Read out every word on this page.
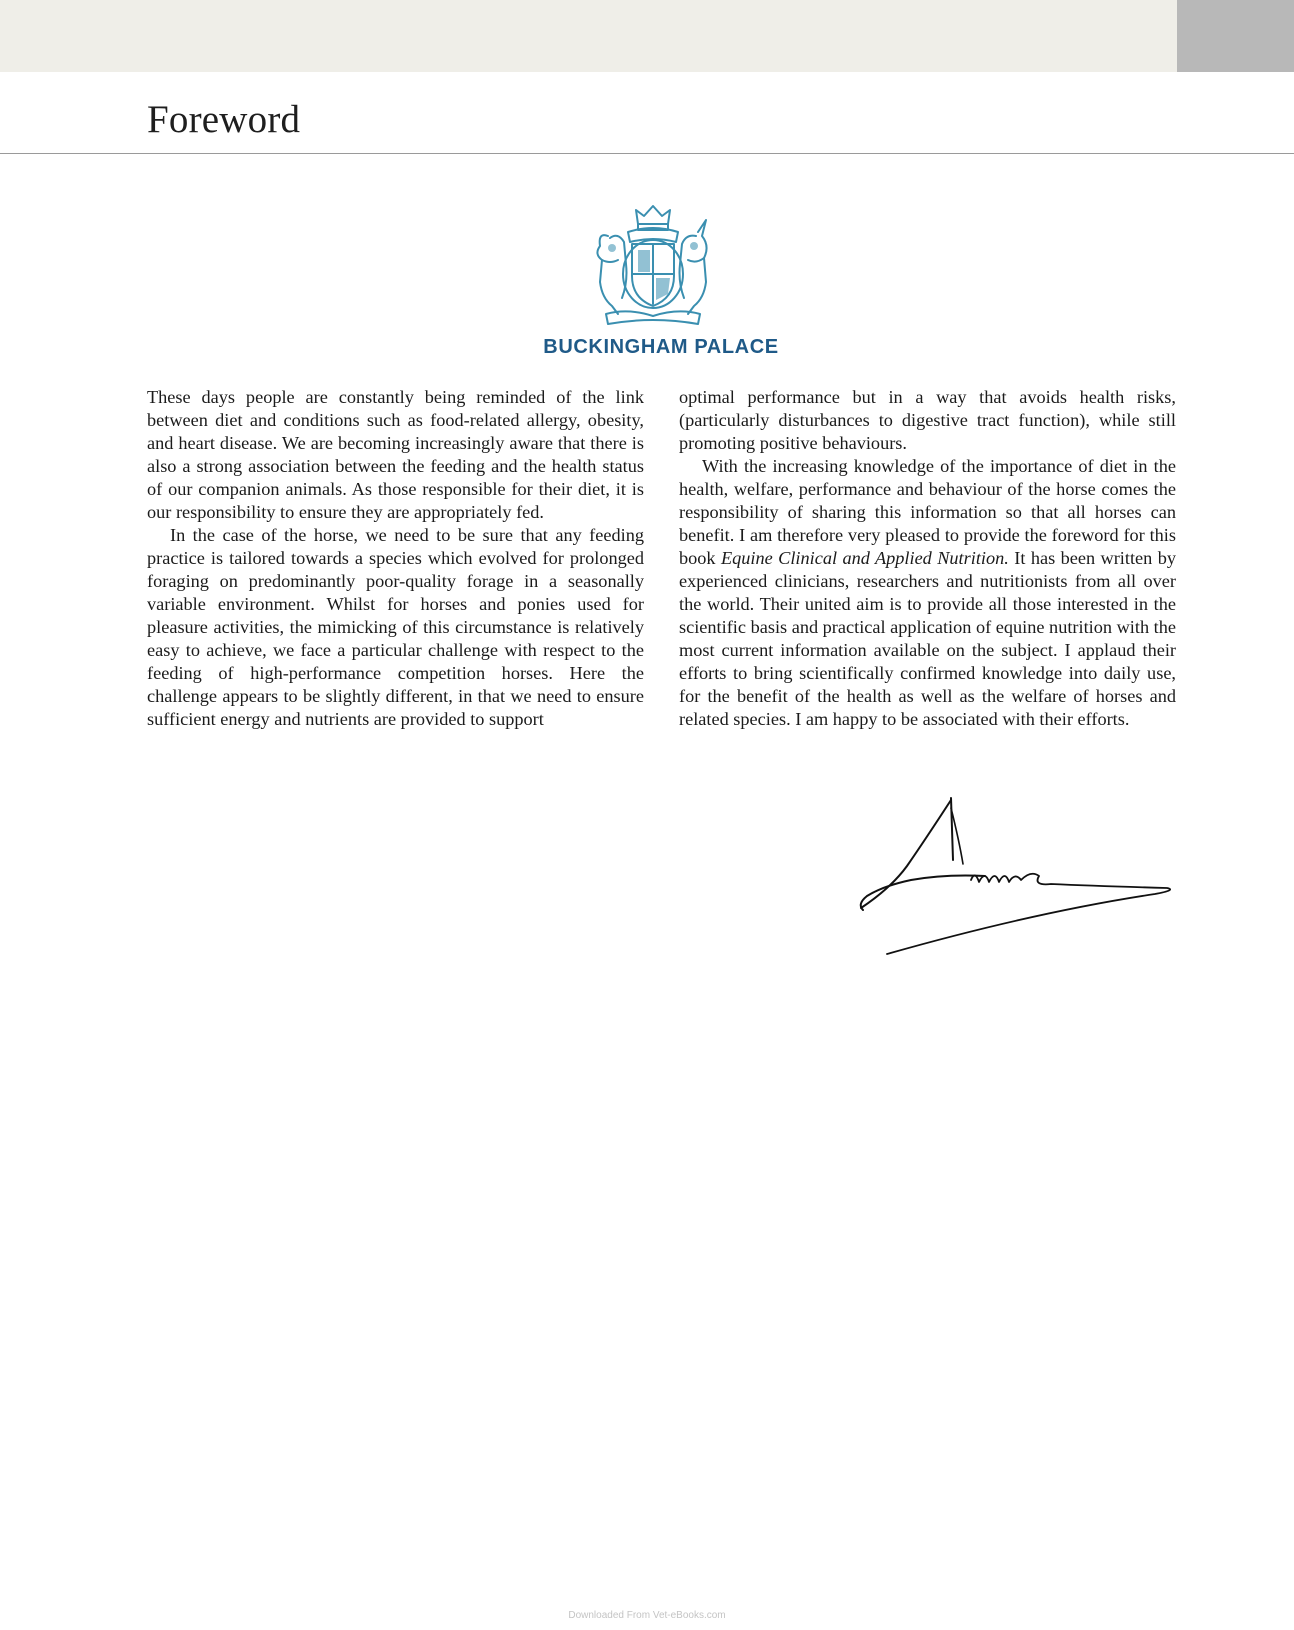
Foreword
BUCKINGHAM PALACE

These days people are constantly being reminded of the link between diet and conditions such as food-related allergy, obesity, and heart disease. We are becoming increasingly aware that there is also a strong association between the feeding and the health status of our companion animals. As those responsible for their diet, it is our responsibility to ensure they are appropriately fed.

In the case of the horse, we need to be sure that any feeding practice is tailored towards a species which evolved for prolonged foraging on predominantly poor-quality forage in a seasonally variable environment. Whilst for horses and ponies used for pleasure activities, the mimicking of this circumstance is relatively easy to achieve, we face a particular challenge with respect to the feeding of high-performance competition horses. Here the challenge appears to be slightly different, in that we need to ensure sufficient energy and nutrients are provided to support

optimal performance but in a way that avoids health risks, (particularly disturbances to digestive tract function), while still promoting positive behaviours.

With the increasing knowledge of the importance of diet in the health, welfare, performance and behaviour of the horse comes the responsibility of sharing this information so that all horses can benefit. I am therefore very pleased to provide the foreword for this book Equine Clinical and Applied Nutrition. It has been written by experienced clinicians, researchers and nutritionists from all over the world. Their united aim is to provide all those interested in the scientific basis and practical application of equine nutrition with the most current information available on the subject. I applaud their efforts to bring scientifically confirmed knowledge into daily use, for the benefit of the health as well as the welfare of horses and related species. I am happy to be associated with their efforts.

Downloaded From Vet-eBooks.com
